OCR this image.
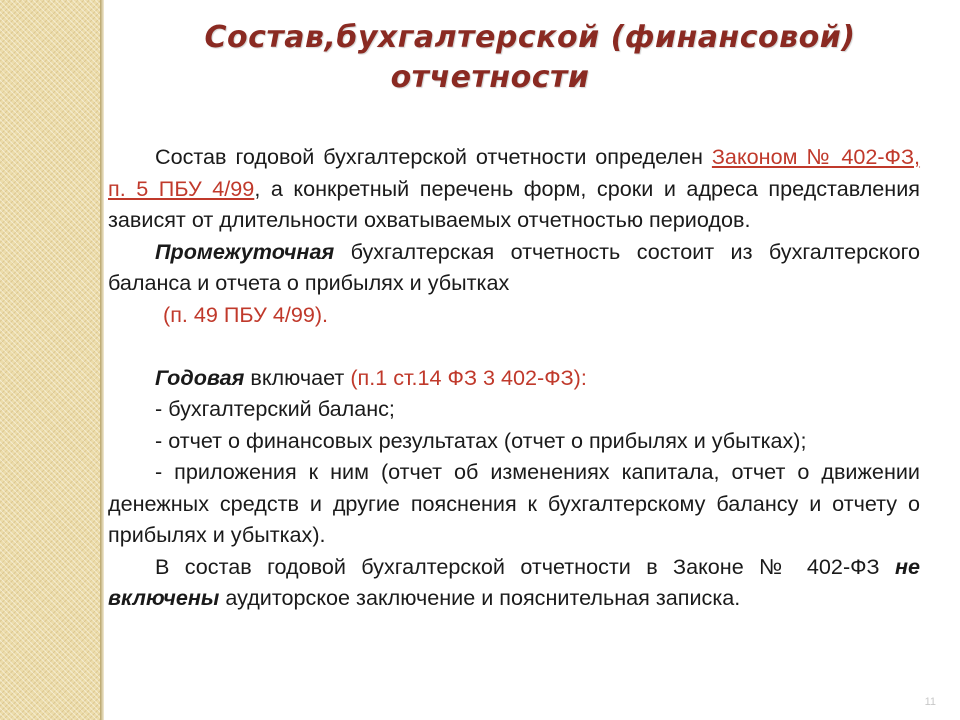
Состав,бухгалтерской (финансовой)
отчетности

Состав годовой бухгалтерской отчетности определен Законом № 402-ФЗ, п. 5 ПБУ 4/99, а конкретный перечень форм, сроки и адреса представления зависят от длительности охватываемых отчетностью периодов.

Промежуточная бухгалтерская отчетность состоит из бухгалтерского баланса и отчета о прибылях и убытках

(п. 49 ПБУ 4/99).

Годовая включает (п.1 ст.14 ФЗ 3 402-ФЗ):

- бухгалтерский баланс;

- отчет о финансовых результатах (отчет о прибылях и убытках);

- приложения к ним (отчет об изменениях капитала, отчет о движении денежных средств и другие пояснения к бухгалтерскому балансу и отчету о прибылях и убытках).

В состав годовой бухгалтерской отчетности в Законе № 402-ФЗ не включены аудиторское заключение и пояснительная записка.

11
